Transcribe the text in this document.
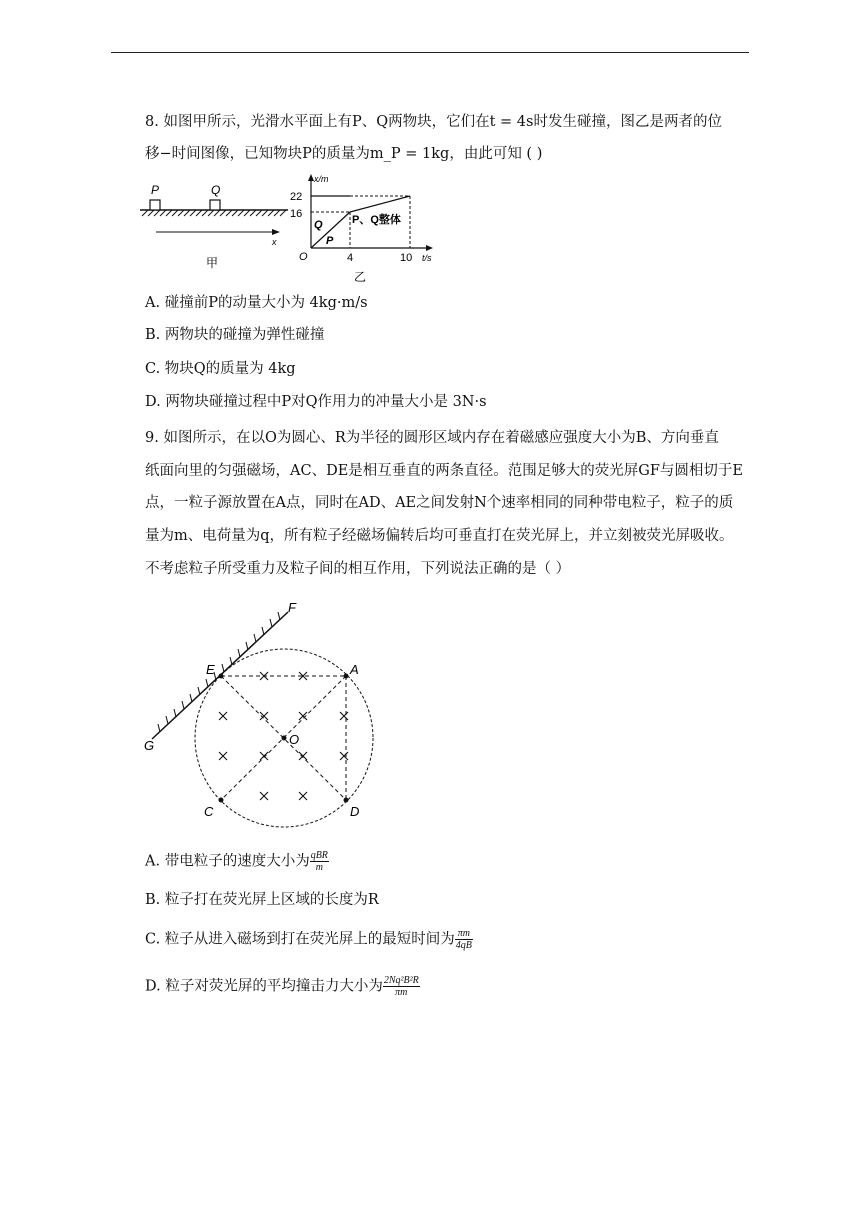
8. 如图甲所示，光滑水平面上有P、Q两物块，它们在t = 4s时发生碰撞，图乙是两者的位
移−时间图像，已知物块P的质量为m_P = 1kg，由此可知 ( )
P	Q
x
甲
x/m
t/s
O
22
16
4	10
Q
P
P、Q整体
乙
A. 碰撞前P的动量大小为 4kg·m/s
B. 两物块的碰撞为弹性碰撞
C. 物块Q的质量为 4kg
D. 两物块碰撞过程中P对Q作用力的冲量大小是 3N·s
9. 如图所示，在以O为圆心、R为半径的圆形区域内存在着磁感应强度大小为B、方向垂直
纸面向里的匀强磁场，AC、DE是相互垂直的两条直径。范围足够大的荧光屏GF与圆相切于E
点，一粒子源放置在A点，同时在AD、AE之间发射N个速率相同的同种带电粒子，粒子的质
量为m、电荷量为q，所有粒子经磁场偏转后均可垂直打在荧光屏上，并立刻被荧光屏吸收。
不考虑粒子所受重力及粒子间的相互作用，下列说法正确的是（ ）
F
G
E	A
C	D
O
A. 带电粒子的速度大小为 $\frac{\text{qBR}}{m}$
B. 粒子打在荧光屏上区域的长度为R
C. 粒子从进入磁场到打在荧光屏上的最短时间为 $\frac{\pi m}{4qB}$
D. 粒子对荧光屏的平均撞击力大小为 $\frac{\text{2Nq²B²R}}{\pi m}$
